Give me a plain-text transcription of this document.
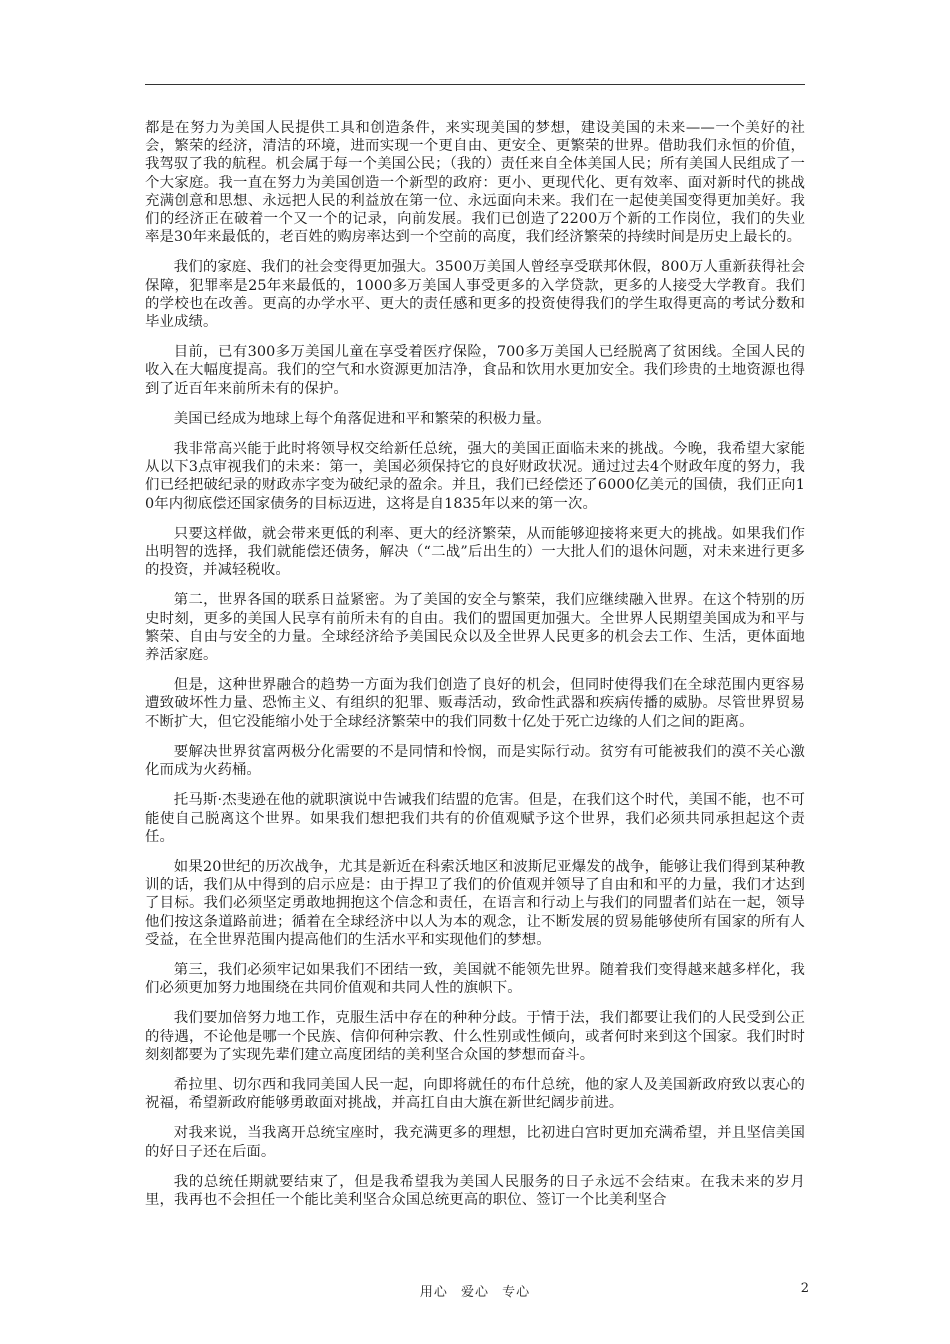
都是在努力为美国人民提供工具和创造条件，来实现美国的梦想，建设美国的未来——一个美好的社会，繁荣的经济，清洁的环境，进而实现一个更自由、更安全、更繁荣的世界。借助我们永恒的价值，我驾驭了我的航程。机会属于每一个美国公民；（我的）责任来自全体美国人民；所有美国人民组成了一个大家庭。我一直在努力为美国创造一个新型的政府：更小、更现代化、更有效率、面对新时代的挑战充满创意和思想、永远把人民的利益放在第一位、永远面向未来。我们在一起使美国变得更加美好。我们的经济正在破着一个又一个的记录，向前发展。我们已创造了2200万个新的工作岗位，我们的失业率是30年来最低的，老百姓的购房率达到一个空前的高度，我们经济繁荣的持续时间是历史上最长的。

我们的家庭、我们的社会变得更加强大。3500万美国人曾经享受联邦休假，800万人重新获得社会保障，犯罪率是25年来最低的，1000多万美国人事受更多的入学贷款，更多的人接受大学教育。我们的学校也在改善。更高的办学水平、更大的责任感和更多的投资使得我们的学生取得更高的考试分数和毕业成绩。

目前，已有300多万美国儿童在享受着医疗保险，700多万美国人已经脱离了贫困线。全国人民的收入在大幅度提高。我们的空气和水资源更加洁净，食品和饮用水更加安全。我们珍贵的土地资源也得到了近百年来前所未有的保护。

美国已经成为地球上每个角落促进和平和繁荣的积极力量。

我非常高兴能于此时将领导权交给新任总统，强大的美国正面临未来的挑战。今晚，我希望大家能从以下3点审视我们的未来：第一，美国必须保持它的良好财政状况。通过过去4个财政年度的努力，我们已经把破纪录的财政赤字变为破纪录的盈余。并且，我们已经偿还了6000亿美元的国债，我们正向10年内彻底偿还国家债务的目标迈进，这将是自1835年以来的第一次。

只要这样做，就会带来更低的利率、更大的经济繁荣，从而能够迎接将来更大的挑战。如果我们作出明智的选择，我们就能偿还债务，解决（“二战”后出生的）一大批人们的退休问题，对未来进行更多的投资，并减轻税收。

第二，世界各国的联系日益紧密。为了美国的安全与繁荣，我们应继续融入世界。在这个特别的历史时刻，更多的美国人民享有前所未有的自由。我们的盟国更加强大。全世界人民期望美国成为和平与繁荣、自由与安全的力量。全球经济给予美国民众以及全世界人民更多的机会去工作、生活，更体面地养活家庭。

但是，这种世界融合的趋势一方面为我们创造了良好的机会，但同时使得我们在全球范围内更容易遭致破坏性力量、恐怖主义、有组织的犯罪、贩毒活动，致命性武器和疾病传播的威胁。尽管世界贸易不断扩大，但它没能缩小处于全球经济繁荣中的我们同数十亿处于死亡边缘的人们之间的距离。

要解决世界贫富两极分化需要的不是同情和怜悯，而是实际行动。贫穷有可能被我们的漠不关心激化而成为火药桶。

托马斯·杰斐逊在他的就职演说中告诫我们结盟的危害。但是，在我们这个时代，美国不能，也不可能使自己脱离这个世界。如果我们想把我们共有的价值观赋予这个世界，我们必须共同承担起这个责任。

如果20世纪的历次战争，尤其是新近在科索沃地区和波斯尼亚爆发的战争，能够让我们得到某种教训的话，我们从中得到的启示应是：由于捍卫了我们的价值观并领导了自由和和平的力量，我们才达到了目标。我们必须坚定勇敢地拥抱这个信念和责任，在语言和行动上与我们的同盟者们站在一起，领导他们按这条道路前进；循着在全球经济中以人为本的观念，让不断发展的贸易能够使所有国家的所有人受益，在全世界范围内提高他们的生活水平和实现他们的梦想。

第三，我们必须牢记如果我们不团结一致，美国就不能领先世界。随着我们变得越来越多样化，我们必须更加努力地围绕在共同价值观和共同人性的旗帜下。

我们要加倍努力地工作，克服生活中存在的种种分歧。于情于法，我们都要让我们的人民受到公正的待遇，不论他是哪一个民族、信仰何种宗教、什么性别或性倾向，或者何时来到这个国家。我们时时刻刻都要为了实现先辈们建立高度团结的美利坚合众国的梦想而奋斗。

希拉里、切尔西和我同美国人民一起，向即将就任的布什总统，他的家人及美国新政府致以衷心的祝福，希望新政府能够勇敢面对挑战，并高扛自由大旗在新世纪阔步前进。

对我来说，当我离开总统宝座时，我充满更多的理想，比初进白宫时更加充满希望，并且坚信美国的好日子还在后面。

我的总统任期就要结束了，但是我希望我为美国人民服务的日子永远不会结束。在我未来的岁月里，我再也不会担任一个能比美利坚合众国总统更高的职位、签订一个比美利坚合

用心 爱心 专心	2
